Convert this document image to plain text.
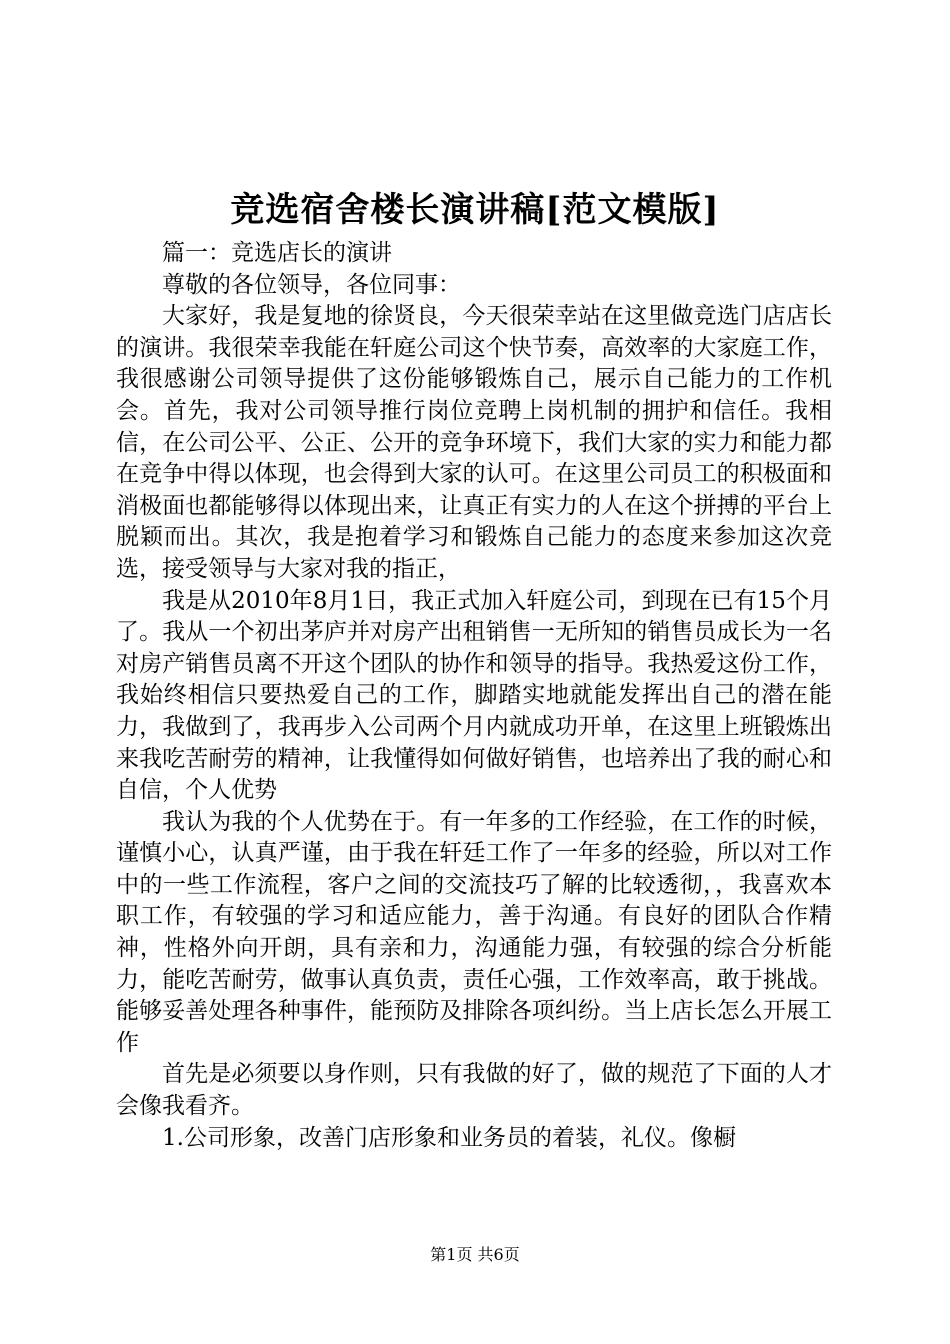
竞选宿舍楼长演讲稿[范文模版]

篇一：竞选店长的演讲

尊敬的各位领导，各位同事：

大家好，我是复地的徐贤良，今天很荣幸站在这里做竞选门店店长的演讲。我很荣幸我能在轩庭公司这个快节奏，高效率的大家庭工作，我很感谢公司领导提供了这份能够锻炼自己，展示自己能力的工作机会。首先，我对公司领导推行岗位竞聘上岗机制的拥护和信任。我相信，在公司公平、公正、公开的竞争环境下，我们大家的实力和能力都在竞争中得以体现，也会得到大家的认可。在这里公司员工的积极面和消极面也都能够得以体现出来，让真正有实力的人在这个拼搏的平台上脱颖而出。其次，我是抱着学习和锻炼自己能力的态度来参加这次竞选，接受领导与大家对我的指正，

我是从2010年8月1日，我正式加入轩庭公司，到现在已有15个月了。我从一个初出茅庐并对房产出租销售一无所知的销售员成长为一名对房产销售员离不开这个团队的协作和领导的指导。我热爱这份工作，我始终相信只要热爱自己的工作，脚踏实地就能发挥出自己的潜在能力，我做到了，我再步入公司两个月内就成功开单，在这里上班锻炼出来我吃苦耐劳的精神，让我懂得如何做好销售，也培养出了我的耐心和自信，个人优势

我认为我的个人优势在于。有一年多的工作经验，在工作的时候，谨慎小心，认真严谨，由于我在轩廷工作了一年多的经验，所以对工作中的一些工作流程，客户之间的交流技巧了解的比较透彻，，我喜欢本职工作，有较强的学习和适应能力，善于沟通。有良好的团队合作精神，性格外向开朗，具有亲和力，沟通能力强，有较强的综合分析能力，能吃苦耐劳，做事认真负责，责任心强，工作效率高，敢于挑战。能够妥善处理各种事件，能预防及排除各项纠纷。当上店长怎么开展工作

首先是必须要以身作则，只有我做的好了，做的规范了下面的人才会像我看齐。

1.公司形象，改善门店形象和业务员的着装，礼仪。像橱

第1页 共6页
